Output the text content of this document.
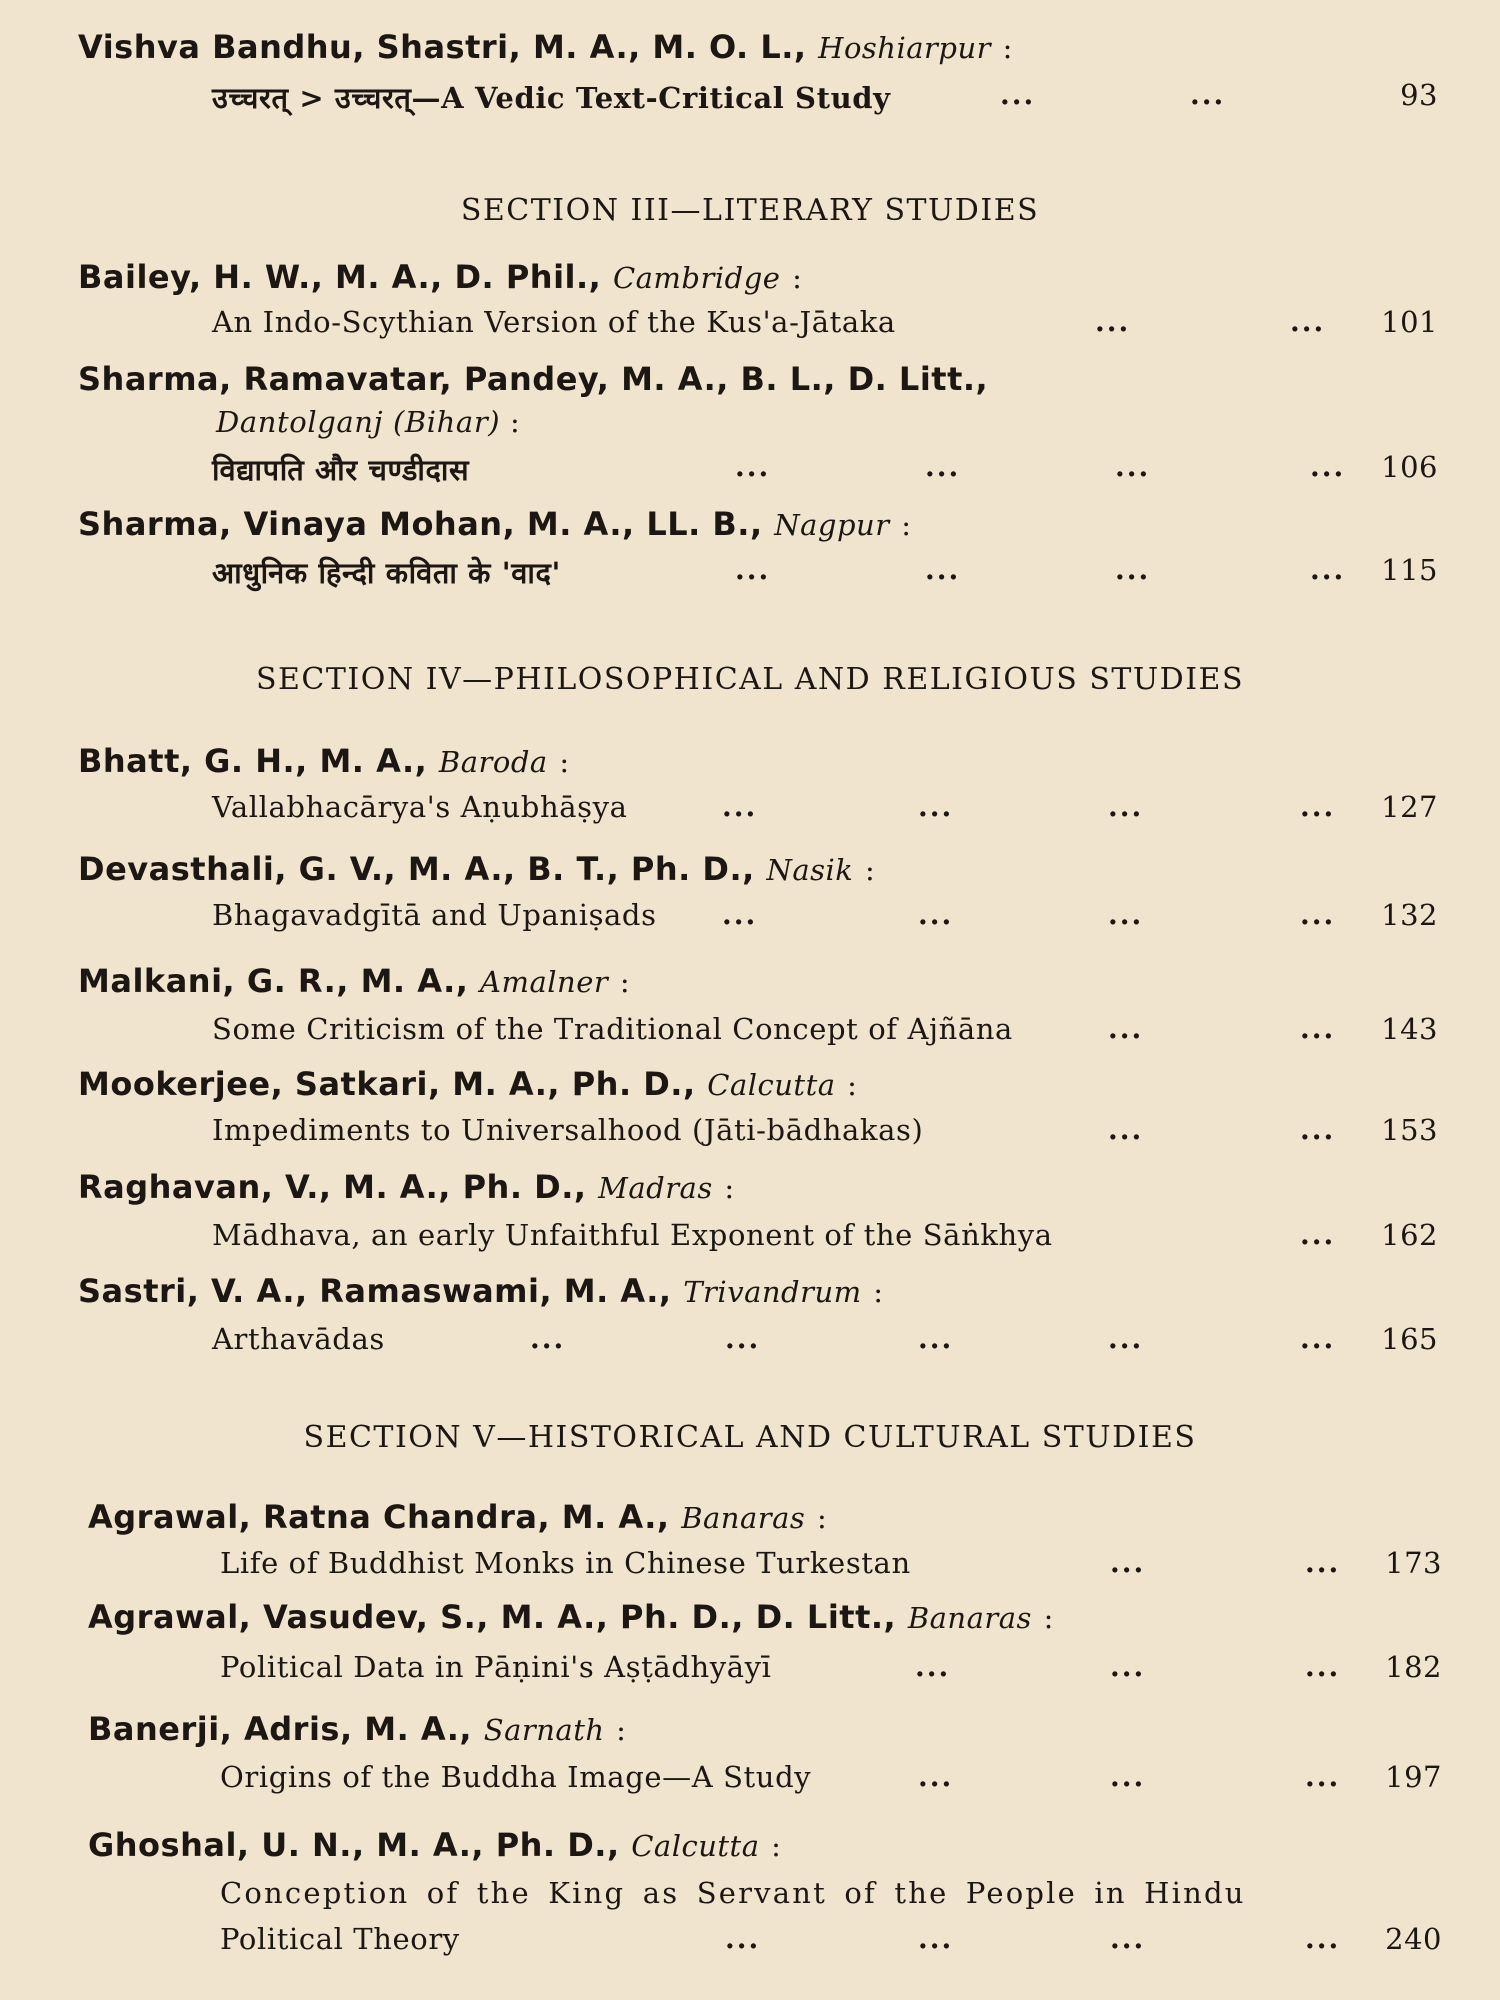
Vishva Bandhu, Shastri, M. A., M. O. L., Hoshiarpur :
उच्चरत् > उच्चरत्—A Vedic Text-Critical Study	...	...	93
SECTION III—LITERARY STUDIES
Bailey, H. W., M. A., D. Phil., Cambridge :
An Indo-Scythian Version of the Kus'a-Jātaka	...	... 101
Sharma, Ramavatar, Pandey, M. A., B. L., D. Litt.,
Dantolganj (Bihar) :
विद्यापति और चण्डीदास	...	...	...	... 106
Sharma, Vinaya Mohan, M. A., LL. B., Nagpur :
आधुनिक हिन्दी कविता के 'वाद'	...	...	...	... 115
SECTION IV—PHILOSOPHICAL AND RELIGIOUS STUDIES
Bhatt, G. H., M. A., Baroda :
Vallabhacārya's Aṇubhāṣya	...	...	...	... 127
Devasthali, G. V., M. A., B. T., Ph. D., Nasik :
Bhagavadgītā and Upaniṣads ...	...	...	... 132
Malkani, G. R., M. A., Amalner :
Some Criticism of the Traditional Concept of Ajñāna	...	... 143
Mookerjee, Satkari, M. A., Ph. D., Calcutta :
Impediments to Universalhood (Jāti-bādhakas)	...	... 153
Raghavan, V., M. A., Ph. D., Madras :
Mādhava, an early Unfaithful Exponent of the Sāṅkhya	... 162
Sastri, V. A., Ramaswami, M. A., Trivandrum :
Arthavādas	...	...	...	...	... 165
SECTION V—HISTORICAL AND CULTURAL STUDIES
Agrawal, Ratna Chandra, M. A., Banaras :
Life of Buddhist Monks in Chinese Turkestan	...	... 173
Agrawal, Vasudev, S., M. A., Ph. D., D. Litt., Banaras :
Political Data in Pāṇini's Aṣṭādhyāyī	...	...	... 182
Banerji, Adris, M. A., Sarnath :
Origins of the Buddha Image—A Study	...	...	... 197
Ghoshal, U. N., M. A., Ph. D., Calcutta :
Conception of the King as Servant of the People in Hindu
Political Theory	...	...	...	... 240
